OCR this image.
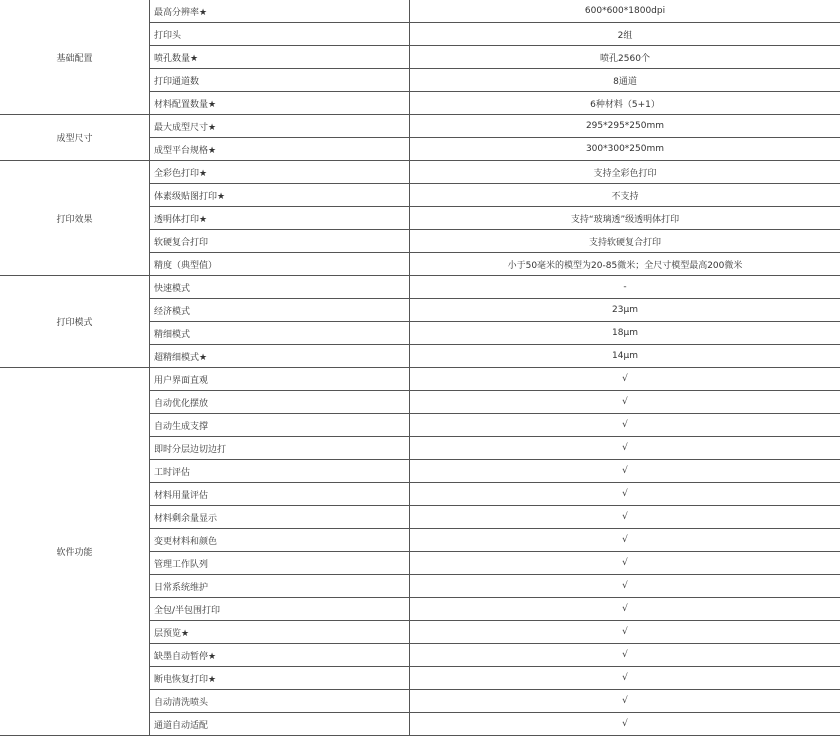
基础配置	最高分辨率★	600*600*1800dpi
	打印头	2组
	喷孔数量★	喷孔2560个
	打印通道数	8通道
	材料配置数量★	6种材料（5+1）
成型尺寸	最大成型尺寸★	295*295*250mm
	成型平台规格★	300*300*250mm
打印效果	全彩色打印★	支持全彩色打印
	体素级贴图打印★	不支持
	透明体打印★	支持“玻璃透”级透明体打印
	软硬复合打印	支持软硬复合打印
	精度（典型值）	小于50毫米的模型为20-85微米；全尺寸模型最高200微米
打印模式	快速模式	-
	经济模式	23μm
	精细模式	18μm
	超精细模式★	14μm
软件功能	用户界面直观	√
	自动优化摆放	√
	自动生成支撑	√
	即时分层边切边打	√
	工时评估	√
	材料用量评估	√
	材料剩余量显示	√
	变更材料和颜色	√
	管理工作队列	√
	日常系统维护	√
	全包/半包围打印	√
	层预览★	√
	缺墨自动暂停★	√
	断电恢复打印★	√
	自动清洗喷头	√
	通道自动适配	√
